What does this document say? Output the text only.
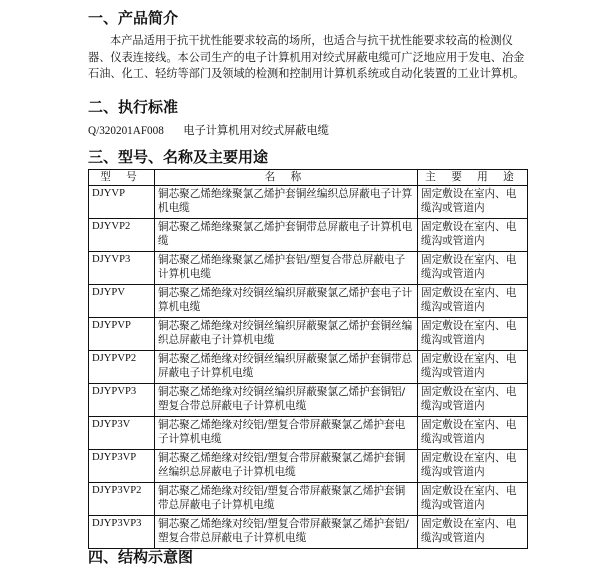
一、产品简介

本产品适用于抗干扰性能要求较高的场所，也适合与抗干扰性能要求较高的检测仪器、仪表连接线。本公司生产的电子计算机用对绞式屏蔽电缆可广泛地应用于发电、冶金石油、化工、轻纺等部门及领域的检测和控制用计算机系统或自动化装置的工业计算机。

二、执行标准
Q/320201AF008 电子计算机用对绞式屏蔽电缆
三、型号、名称及主要用途
型 号	名 称	主 要 用 途
DJYVP	铜芯聚乙烯绝缘聚氯乙烯护套铜丝编织总屏蔽电子计算机电缆	固定敷设在室内、电缆沟或管道内
DJYVP2	铜芯聚乙烯绝缘聚氯乙烯护套铜带总屏蔽电子计算机电缆	固定敷设在室内、电缆沟或管道内
DJYVP3	铜芯聚乙烯绝缘聚氯乙烯护套铝/塑复合带总屏蔽电子计算机电缆	固定敷设在室内、电缆沟或管道内
DJYPV	铜芯聚乙烯绝缘对绞铜丝编织屏蔽聚氯乙烯护套电子计算机电缆	固定敷设在室内、电缆沟或管道内
DJYPVP	铜芯聚乙烯绝缘对绞铜丝编织屏蔽聚氯乙烯护套铜丝编织总屏蔽电子计算机电缆	固定敷设在室内、电缆沟或管道内
DJYPVP2	铜芯聚乙烯绝缘对绞铜丝编织屏蔽聚氯乙烯护套铜带总屏蔽电子计算机电缆	固定敷设在室内、电缆沟或管道内
DJYPVP3	铜芯聚乙烯绝缘对绞铜丝编织屏蔽聚氯乙烯护套铜铝/塑复合带总屏蔽电子计算机电缆	固定敷设在室内、电缆沟或管道内
DJYP3V	铜芯聚乙烯绝缘对绞铝/塑复合带屏蔽聚氯乙烯护套电子计算机电缆	固定敷设在室内、电缆沟或管道内
DJYP3VP	铜芯聚乙烯绝缘对绞铝/塑复合带屏蔽聚氯乙烯护套铜丝编织总屏蔽电子计算机电缆	固定敷设在室内、电缆沟或管道内
DJYP3VP2	铜芯聚乙烯绝缘对绞铝/塑复合带屏蔽聚氯乙烯护套铜带总屏蔽电子计算机电缆	固定敷设在室内、电缆沟或管道内
DJYP3VP3	铜芯聚乙烯绝缘对绞铝/塑复合带屏蔽聚氯乙烯护套铝/塑复合带总屏蔽电子计算机电缆	固定敷设在室内、电缆沟或管道内
四、结构示意图
